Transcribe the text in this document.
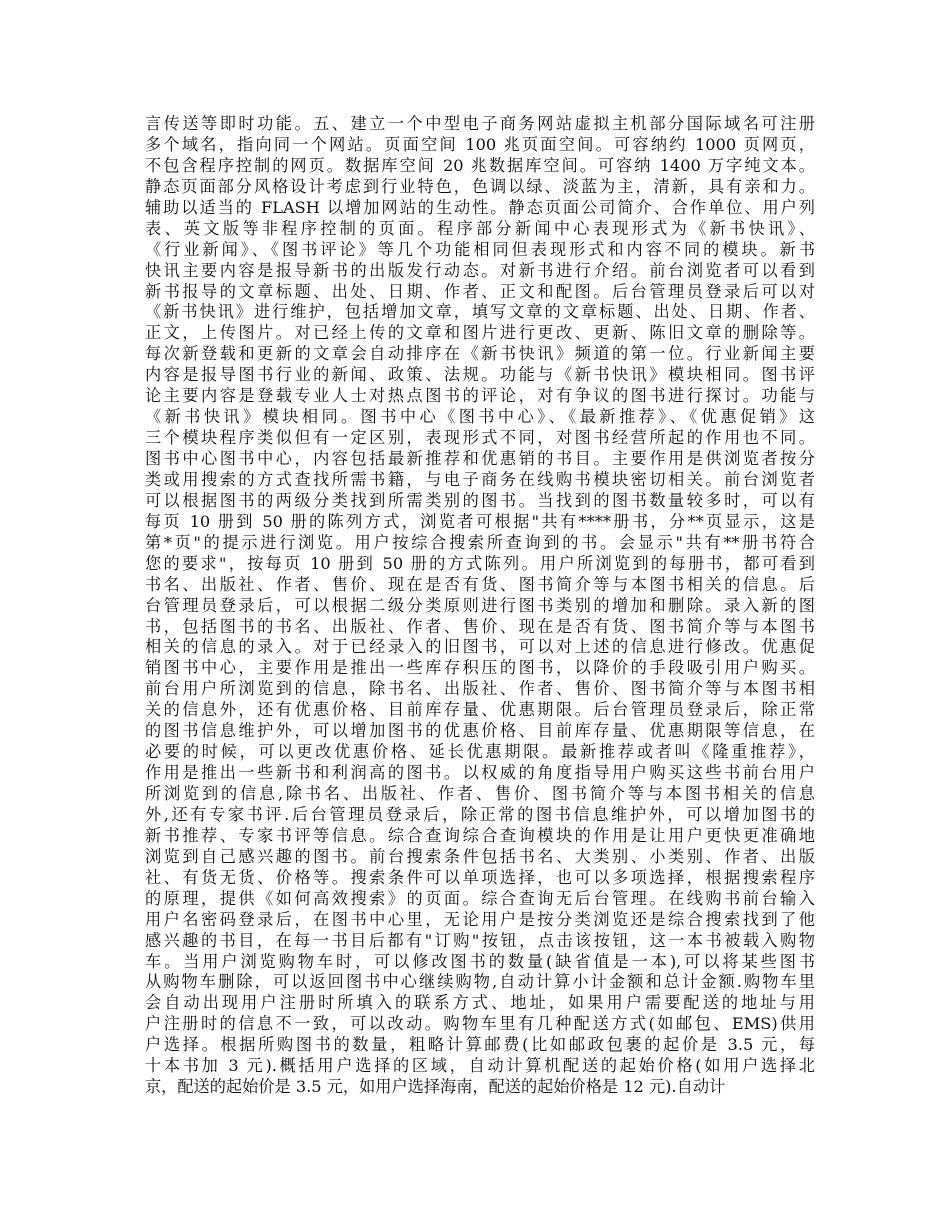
言传送等即时功能。五、建立一个中型电子商务网站虚拟主机部分国际域名可注册
多个域名，指向同一个网站。页面空间 100 兆页面空间。可容纳约 1000 页网页，
不包含程序控制的网页。数据库空间 20 兆数据库空间。可容纳 1400 万字纯文本。
静态页面部分风格设计考虑到行业特色，色调以绿、淡蓝为主，清新，具有亲和力。
辅助以适当的 FLASH 以增加网站的生动性。静态页面公司简介、合作单位、用户列
表、英文版等非程序控制的页面。程序部分新闻中心表现形式为《新书快讯》、
《行业新闻》、《图书评论》等几个功能相同但表现形式和内容不同的模块。新书
快讯主要内容是报导新书的出版发行动态。对新书进行介绍。前台浏览者可以看到
新书报导的文章标题、出处、日期、作者、正文和配图。后台管理员登录后可以对
《新书快讯》进行维护，包括增加文章，填写文章的文章标题、出处、日期、作者、
正文，上传图片。对已经上传的文章和图片进行更改、更新、陈旧文章的删除等。
每次新登载和更新的文章会自动排序在《新书快讯》频道的第一位。行业新闻主要
内容是报导图书行业的新闻、政策、法规。功能与《新书快讯》模块相同。图书评
论主要内容是登载专业人士对热点图书的评论，对有争议的图书进行探讨。功能与
《新书快讯》模块相同。图书中心《图书中心》、《最新推荐》、《优惠促销》这
三个模块程序类似但有一定区别，表现形式不同，对图书经营所起的作用也不同。
图书中心图书中心，内容包括最新推荐和优惠销的书目。主要作用是供浏览者按分
类或用搜索的方式查找所需书籍，与电子商务在线购书模块密切相关。前台浏览者
可以根据图书的两级分类找到所需类别的图书。当找到的图书数量较多时，可以有
每页 10 册到 50 册的陈列方式，浏览者可根据"共有****册书，分**页显示，这是
第*页"的提示进行浏览。用户按综合搜索所查询到的书。会显示"共有**册书符合
您的要求"，按每页 10 册到 50 册的方式陈列。用户所浏览到的每册书，都可看到
书名、出版社、作者、售价、现在是否有货、图书简介等与本图书相关的信息。后
台管理员登录后，可以根据二级分类原则进行图书类别的增加和删除。录入新的图
书，包括图书的书名、出版社、作者、售价、现在是否有货、图书简介等与本图书
相关的信息的录入。对于已经录入的旧图书，可以对上述的信息进行修改。优惠促
销图书中心，主要作用是推出一些库存积压的图书，以降价的手段吸引用户购买。
前台用户所浏览到的信息，除书名、出版社、作者、售价、图书简介等与本图书相
关的信息外，还有优惠价格、目前库存量、优惠期限。后台管理员登录后，除正常
的图书信息维护外，可以增加图书的优惠价格、目前库存量、优惠期限等信息，在
必要的时候，可以更改优惠价格、延长优惠期限。最新推荐或者叫《隆重推荐》，
作用是推出一些新书和利润高的图书。以权威的角度指导用户购买这些书前台用户
所浏览到的信息,除书名、出版社、作者、售价、图书简介等与本图书相关的信息
外,还有专家书评.后台管理员登录后，除正常的图书信息维护外，可以增加图书的
新书推荐、专家书评等信息。综合查询综合查询模块的作用是让用户更快更准确地
浏览到自己感兴趣的图书。前台搜索条件包括书名、大类别、小类别、作者、出版
社、有货无货、价格等。搜索条件可以单项选择，也可以多项选择，根据搜索程序
的原理，提供《如何高效搜索》的页面。综合查询无后台管理。在线购书前台输入
用户名密码登录后，在图书中心里，无论用户是按分类浏览还是综合搜索找到了他
感兴趣的书目，在每一书目后都有"订购"按钮，点击该按钮，这一本书被载入购物
车。当用户浏览购物车时，可以修改图书的数量(缺省值是一本),可以将某些图书
从购物车删除，可以返回图书中心继续购物,自动计算小计金额和总计金额.购物车里
会自动出现用户注册时所填入的联系方式、地址，如果用户需要配送的地址与用
户注册时的信息不一致，可以改动。购物车里有几种配送方式(如邮包、EMS)供用
户选择。根据所购图书的数量，粗略计算邮费(比如邮政包裹的起价是 3.5 元，每
十本书加 3 元).概括用户选择的区域，自动计算机配送的起始价格(如用户选择北
京，配送的起始价是 3.5 元，如用户选择海南，配送的起始价格是 12 元).自动计
